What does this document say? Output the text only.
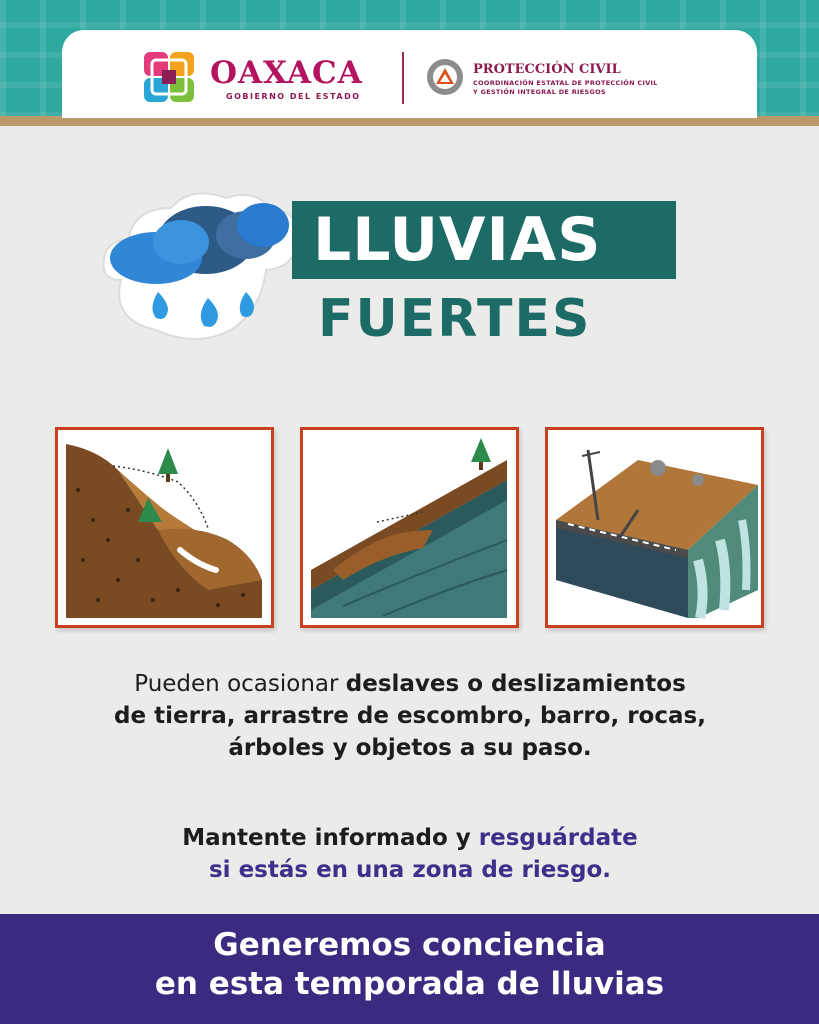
OAXACA
GOBIERNO DEL ESTADO
PROTECCIÓN CIVIL
COORDINACIÓN ESTATAL DE PROTECCIÓN CIVIL
Y GESTIÓN INTEGRAL DE RIESGOS
LLUVIAS
FUERTES
Pueden ocasionar deslaves o deslizamientos
de tierra, arrastre de escombro, barro, rocas,
árboles y objetos a su paso.
Mantente informado y resguárdate
si estás en una zona de riesgo.
Generemos conciencia
en esta temporada de lluvias
